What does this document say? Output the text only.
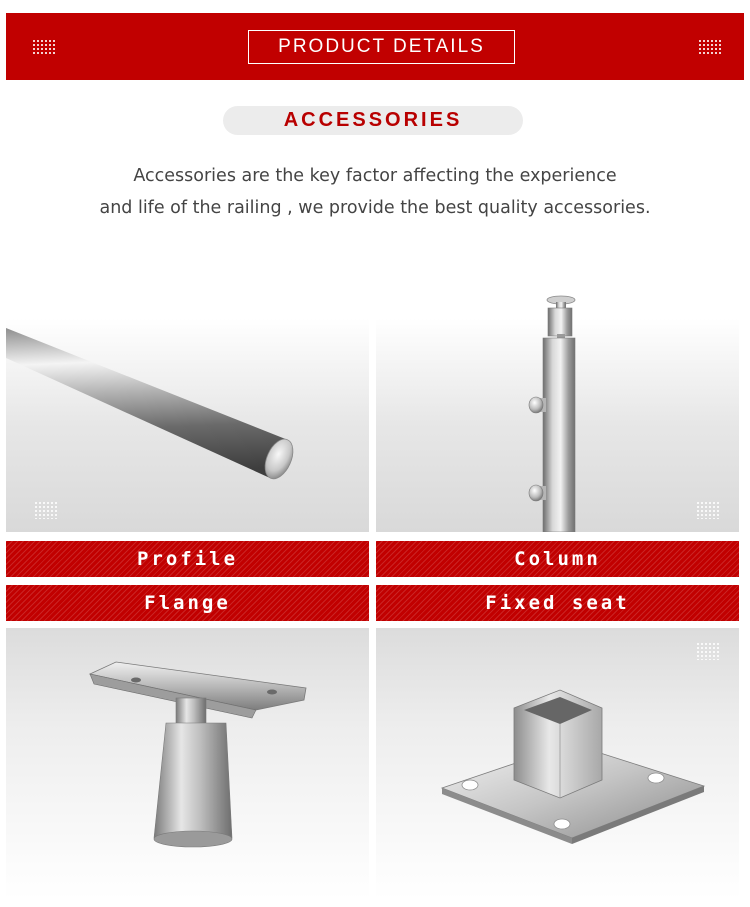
PRODUCT DETAILS
ACCESSORIES
Accessories are the key factor affecting the experience
and life of the railing , we provide the best quality accessories.
Profile	Column
Flange	Fixed seat
